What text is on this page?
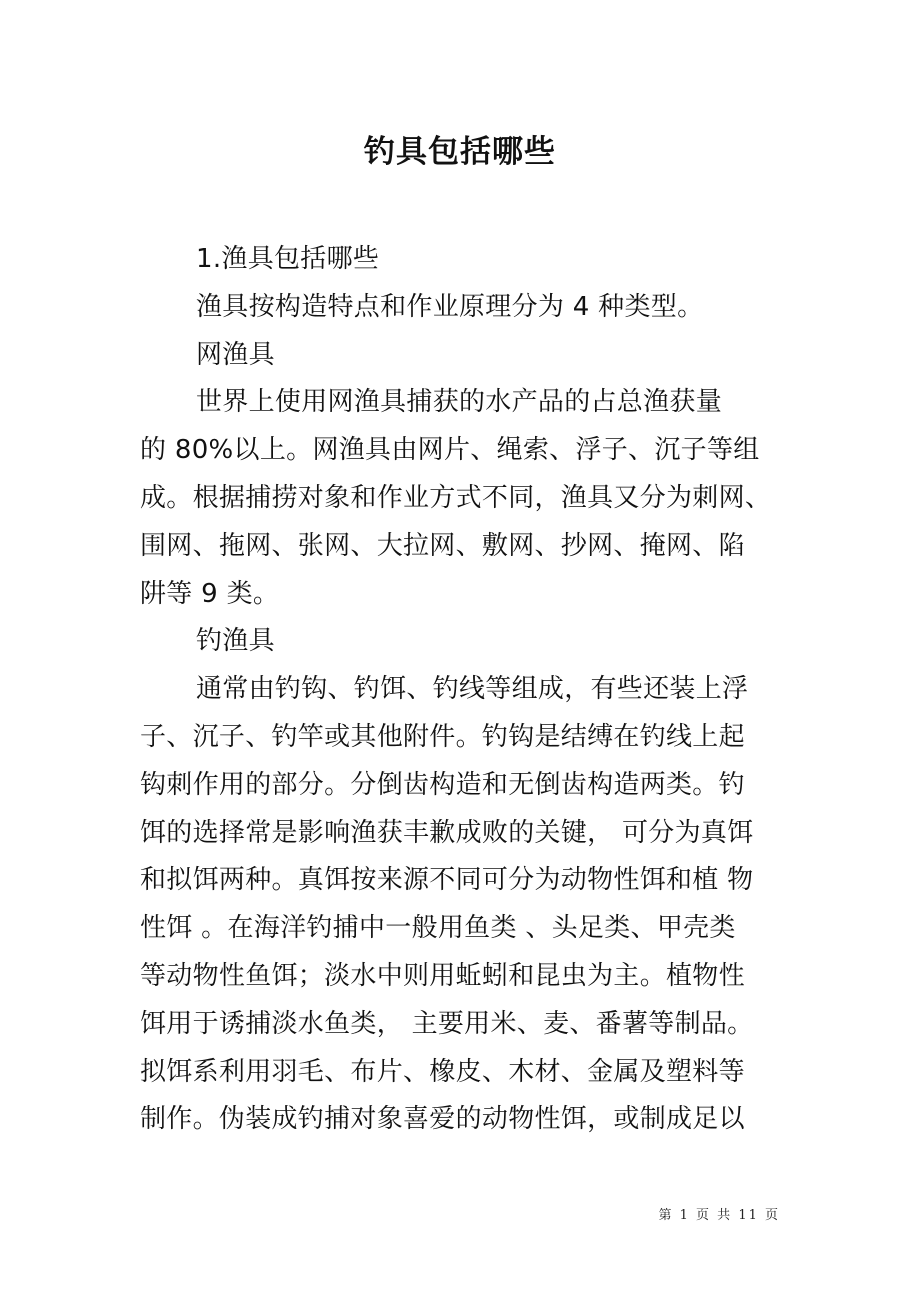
钓具包括哪些
1.渔具包括哪些
渔具按构造特点和作业原理分为 4 种类型。
网渔具
世界上使用网渔具捕获的水产品的占总渔获量
的 80%以上。网渔具由网片、绳索、浮子、沉子等组
成。根据捕捞对象和作业方式不同，渔具又分为刺网、
围网、拖网、张网、大拉网、敷网、抄网、掩网、陷
阱等 9 类。
钓渔具
通常由钓钩、钓饵、钓线等组成，有些还装上浮
子、沉子、钓竿或其他附件。钓钩是结缚在钓线上起
钩刺作用的部分。分倒齿构造和无倒齿构造两类。钓
饵的选择常是影响渔获丰歉成败的关键， 可分为真饵
和拟饵两种。真饵按来源不同可分为动物性饵和植 物
性饵 。在海洋钓捕中一般用鱼类 、头足类、甲壳类
等动物性鱼饵；淡水中则用蚯蚓和昆虫为主。植物性
饵用于诱捕淡水鱼类， 主要用米、麦、番薯等制品。
拟饵系利用羽毛、布片、橡皮、木材、金属及塑料等
制作。伪装成钓捕对象喜爱的动物性饵，或制成足以
第 1 页 共 11 页
